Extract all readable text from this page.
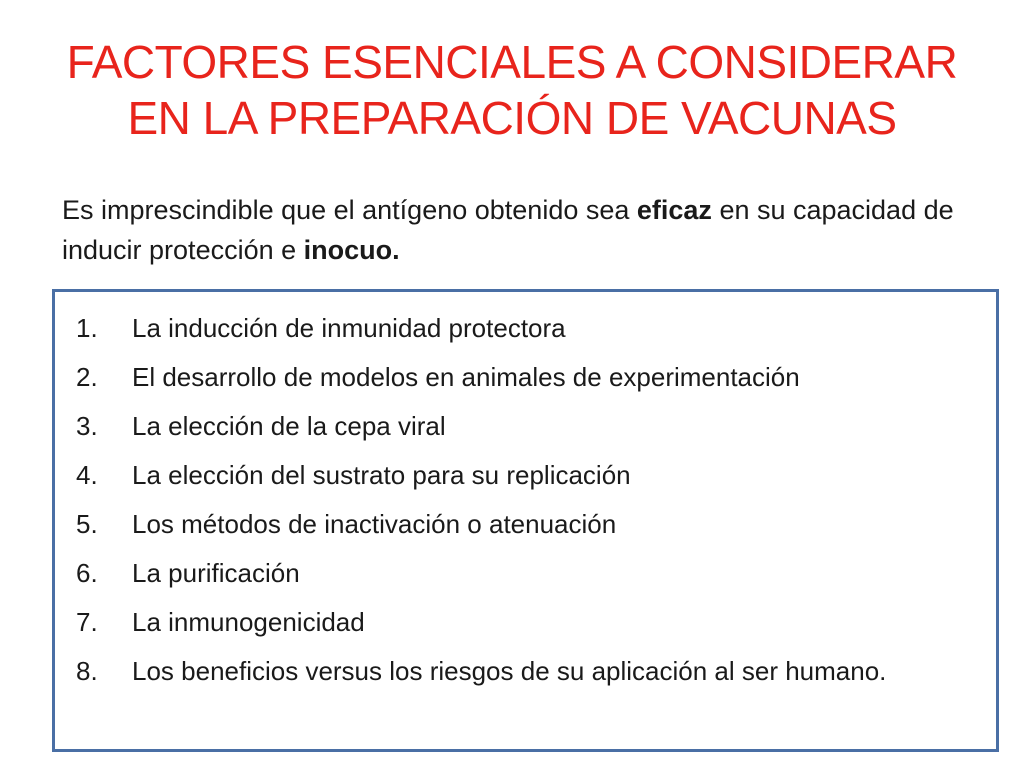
FACTORES ESENCIALES A CONSIDERAR
EN LA PREPARACIÓN DE VACUNAS
Es imprescindible que el antígeno obtenido sea eficaz en su capacidad de inducir protección e inocuo.
1.	La inducción de inmunidad protectora
2.	El desarrollo de modelos en animales de experimentación
3.	La elección de la cepa viral
4.	La elección del sustrato para su replicación
5.	Los métodos de inactivación o atenuación
6.	La purificación
7.	La inmunogenicidad
8.	Los beneficios versus los riesgos de su aplicación al ser humano.
